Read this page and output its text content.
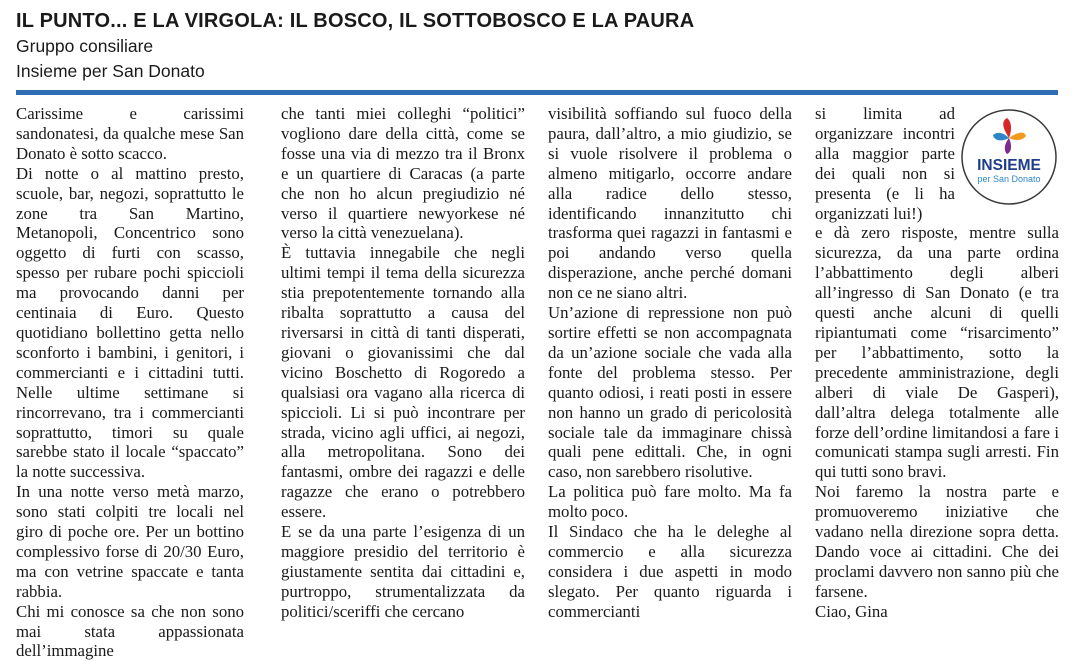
IL PUNTO... E LA VIRGOLA: IL BOSCO, IL SOTTOBOSCO E LA PAURA

Gruppo consiliare

Insieme per San Donato

Carissime e carissimi sandonatesi, da qualche mese San Donato è sotto scacco.

Di notte o al mattino presto, scuole, bar, negozi, soprattutto le zone tra San Martino, Metanopoli, Concentrico sono oggetto di furti con scasso, spesso per rubare pochi spiccioli ma provocando danni per centinaia di Euro. Questo quotidiano bollettino getta nello sconforto i bambini, i genitori, i commercianti e i cittadini tutti. Nelle ultime settimane si rincorrevano, tra i commercianti soprattutto, timori su quale sarebbe stato il locale “spaccato” la notte successiva.

In una notte verso metà marzo, sono stati colpiti tre locali nel giro di poche ore. Per un bottino complessivo forse di 20/30 Euro, ma con vetrine spaccate e tanta rabbia.

Chi mi conosce sa che non sono mai stata appassionata dell’immagine

che tanti miei colleghi “politici” vogliono dare della città, come se fosse una via di mezzo tra il Bronx e un quartiere di Caracas (a parte che non ho alcun pregiudizio né verso il quartiere newyorkese né verso la città venezuelana).

È tuttavia innegabile che negli ultimi tempi il tema della sicurezza stia prepotentemente tornando alla ribalta soprattutto a causa del riversarsi in città di tanti disperati, giovani o giovanissimi che dal vicino Boschetto di Rogoredo a qualsiasi ora vagano alla ricerca di spiccioli. Li si può incontrare per strada, vicino agli uffici, ai negozi, alla metropolitana. Sono dei fantasmi, ombre dei ragazzi e delle ragazze che erano o potrebbero essere.

E se da una parte l’esigenza di un maggiore presidio del territorio è giustamente sentita dai cittadini e, purtroppo, strumentalizzata da politici/sceriffi che cercano

visibilità soffiando sul fuoco della paura, dall’altro, a mio giudizio, se si vuole risolvere il problema o almeno mitigarlo, occorre andare alla radice dello stesso, identificando innanzitutto chi trasforma quei ragazzi in fantasmi e poi andando verso quella disperazione, anche perché domani non ce ne siano altri.

Un’azione di repressione non può sortire effetti se non accompagnata da un’azione sociale che vada alla fonte del problema stesso. Per quanto odiosi, i reati posti in essere non hanno un grado di pericolosità sociale tale da immaginare chissà quali pene edittali. Che, in ogni caso, non sarebbero risolutive.

La politica può fare molto. Ma fa molto poco.

Il Sindaco che ha le deleghe al commercio e alla sicurezza considera i due aspetti in modo slegato. Per quanto riguarda i commercianti

si limita ad organizzare incontri alla maggior parte dei quali non si presenta (e li ha organizzati lui!)

e dà zero risposte, mentre sulla sicurezza, da una parte ordina l’abbattimento degli alberi all’ingresso di San Donato (e tra questi anche alcuni di quelli ripiantumati come “risarcimento” per l’abbattimento, sotto la precedente amministrazione, degli alberi di viale De Gasperi), dall’altra delega totalmente alle forze dell’ordine limitandosi a fare i comunicati stampa sugli arresti. Fin qui tutti sono bravi.

Noi faremo la nostra parte e promuoveremo iniziative che vadano nella direzione sopra detta. Dando voce ai cittadini. Che dei proclami davvero non sanno più che farsene.

Ciao, Gina

INSIEME
per San Donato
